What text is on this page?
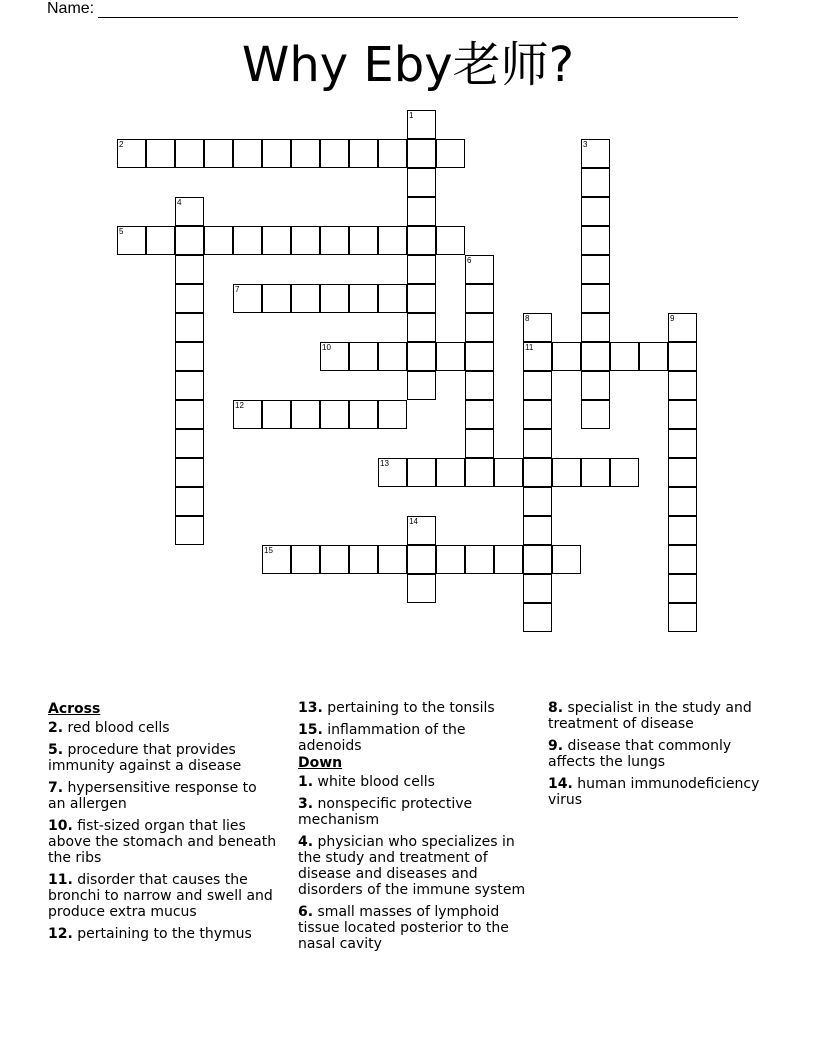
Name:
Why Eby老师?
1
2	3
4
5
6
7
8
11
9
10
12
13
14
15
Across
2. red blood cells
5. procedure that provides immunity against a disease
7. hypersensitive response to an allergen
10. fist-sized organ that lies above the stomach and beneath the ribs
11. disorder that causes the bronchi to narrow and swell and produce extra mucus
12. pertaining to the thymus
13. pertaining to the tonsils
15. inflammation of the adenoids
Down
1. white blood cells
3. nonspecific protective mechanism
4. physician who specializes in the study and treatment of disease and diseases and disorders of the immune system
6. small masses of lymphoid tissue located posterior to the nasal cavity
8. specialist in the study and treatment of disease
9. disease that commonly affects the lungs
14. human immunodeficiency virus
